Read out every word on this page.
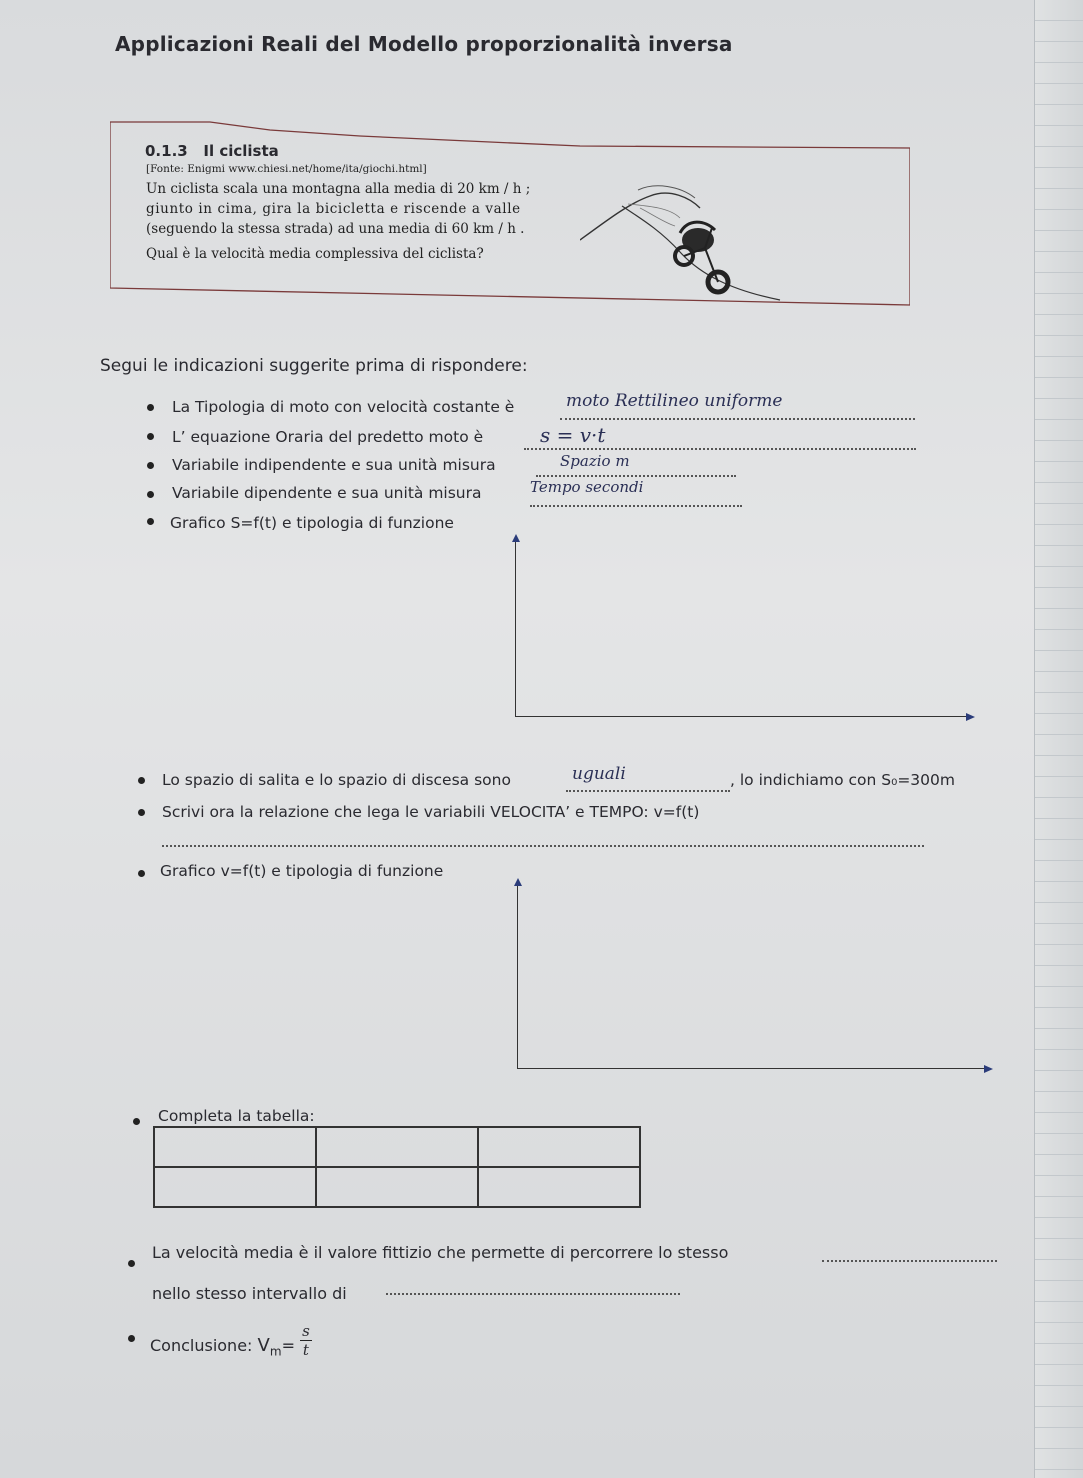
Applicazioni Reali del Modello proporzionalità inversa
0.1.3 Il ciclista
[Fonte: Enigmi www.chiesi.net/home/ita/giochi.html]
Un ciclista scala una montagna alla media di 20 km / h ;
giunto in cima, gira la bicicletta e riscende a valle
(seguendo la stessa strada) ad una media di 60 km / h .
Qual è la velocità media complessiva del ciclista?
Segui le indicazioni suggerite prima di rispondere:
La Tipologia di moto con velocità costante è	moto Rettilineo uniforme
L’ equazione Oraria del predetto moto è	s = v·t
Variabile indipendente e sua unità misura	Spazio m
Variabile dipendente e sua unità misura	Tempo secondi
Grafico S=f(t) e tipologia di funzione
Lo spazio di salita e lo spazio di discesa sono	uguali	, lo indichiamo con S₀=300m
Scrivi ora la relazione che lega le variabili VELOCITA’ e TEMPO: v=f(t)
Grafico v=f(t) e tipologia di funzione
Completa la tabella:

La velocità media è il valore fittizio che permette di percorrere lo stesso
nello stesso intervallo di
Conclusione: $V_m= \frac{s}{t}$
